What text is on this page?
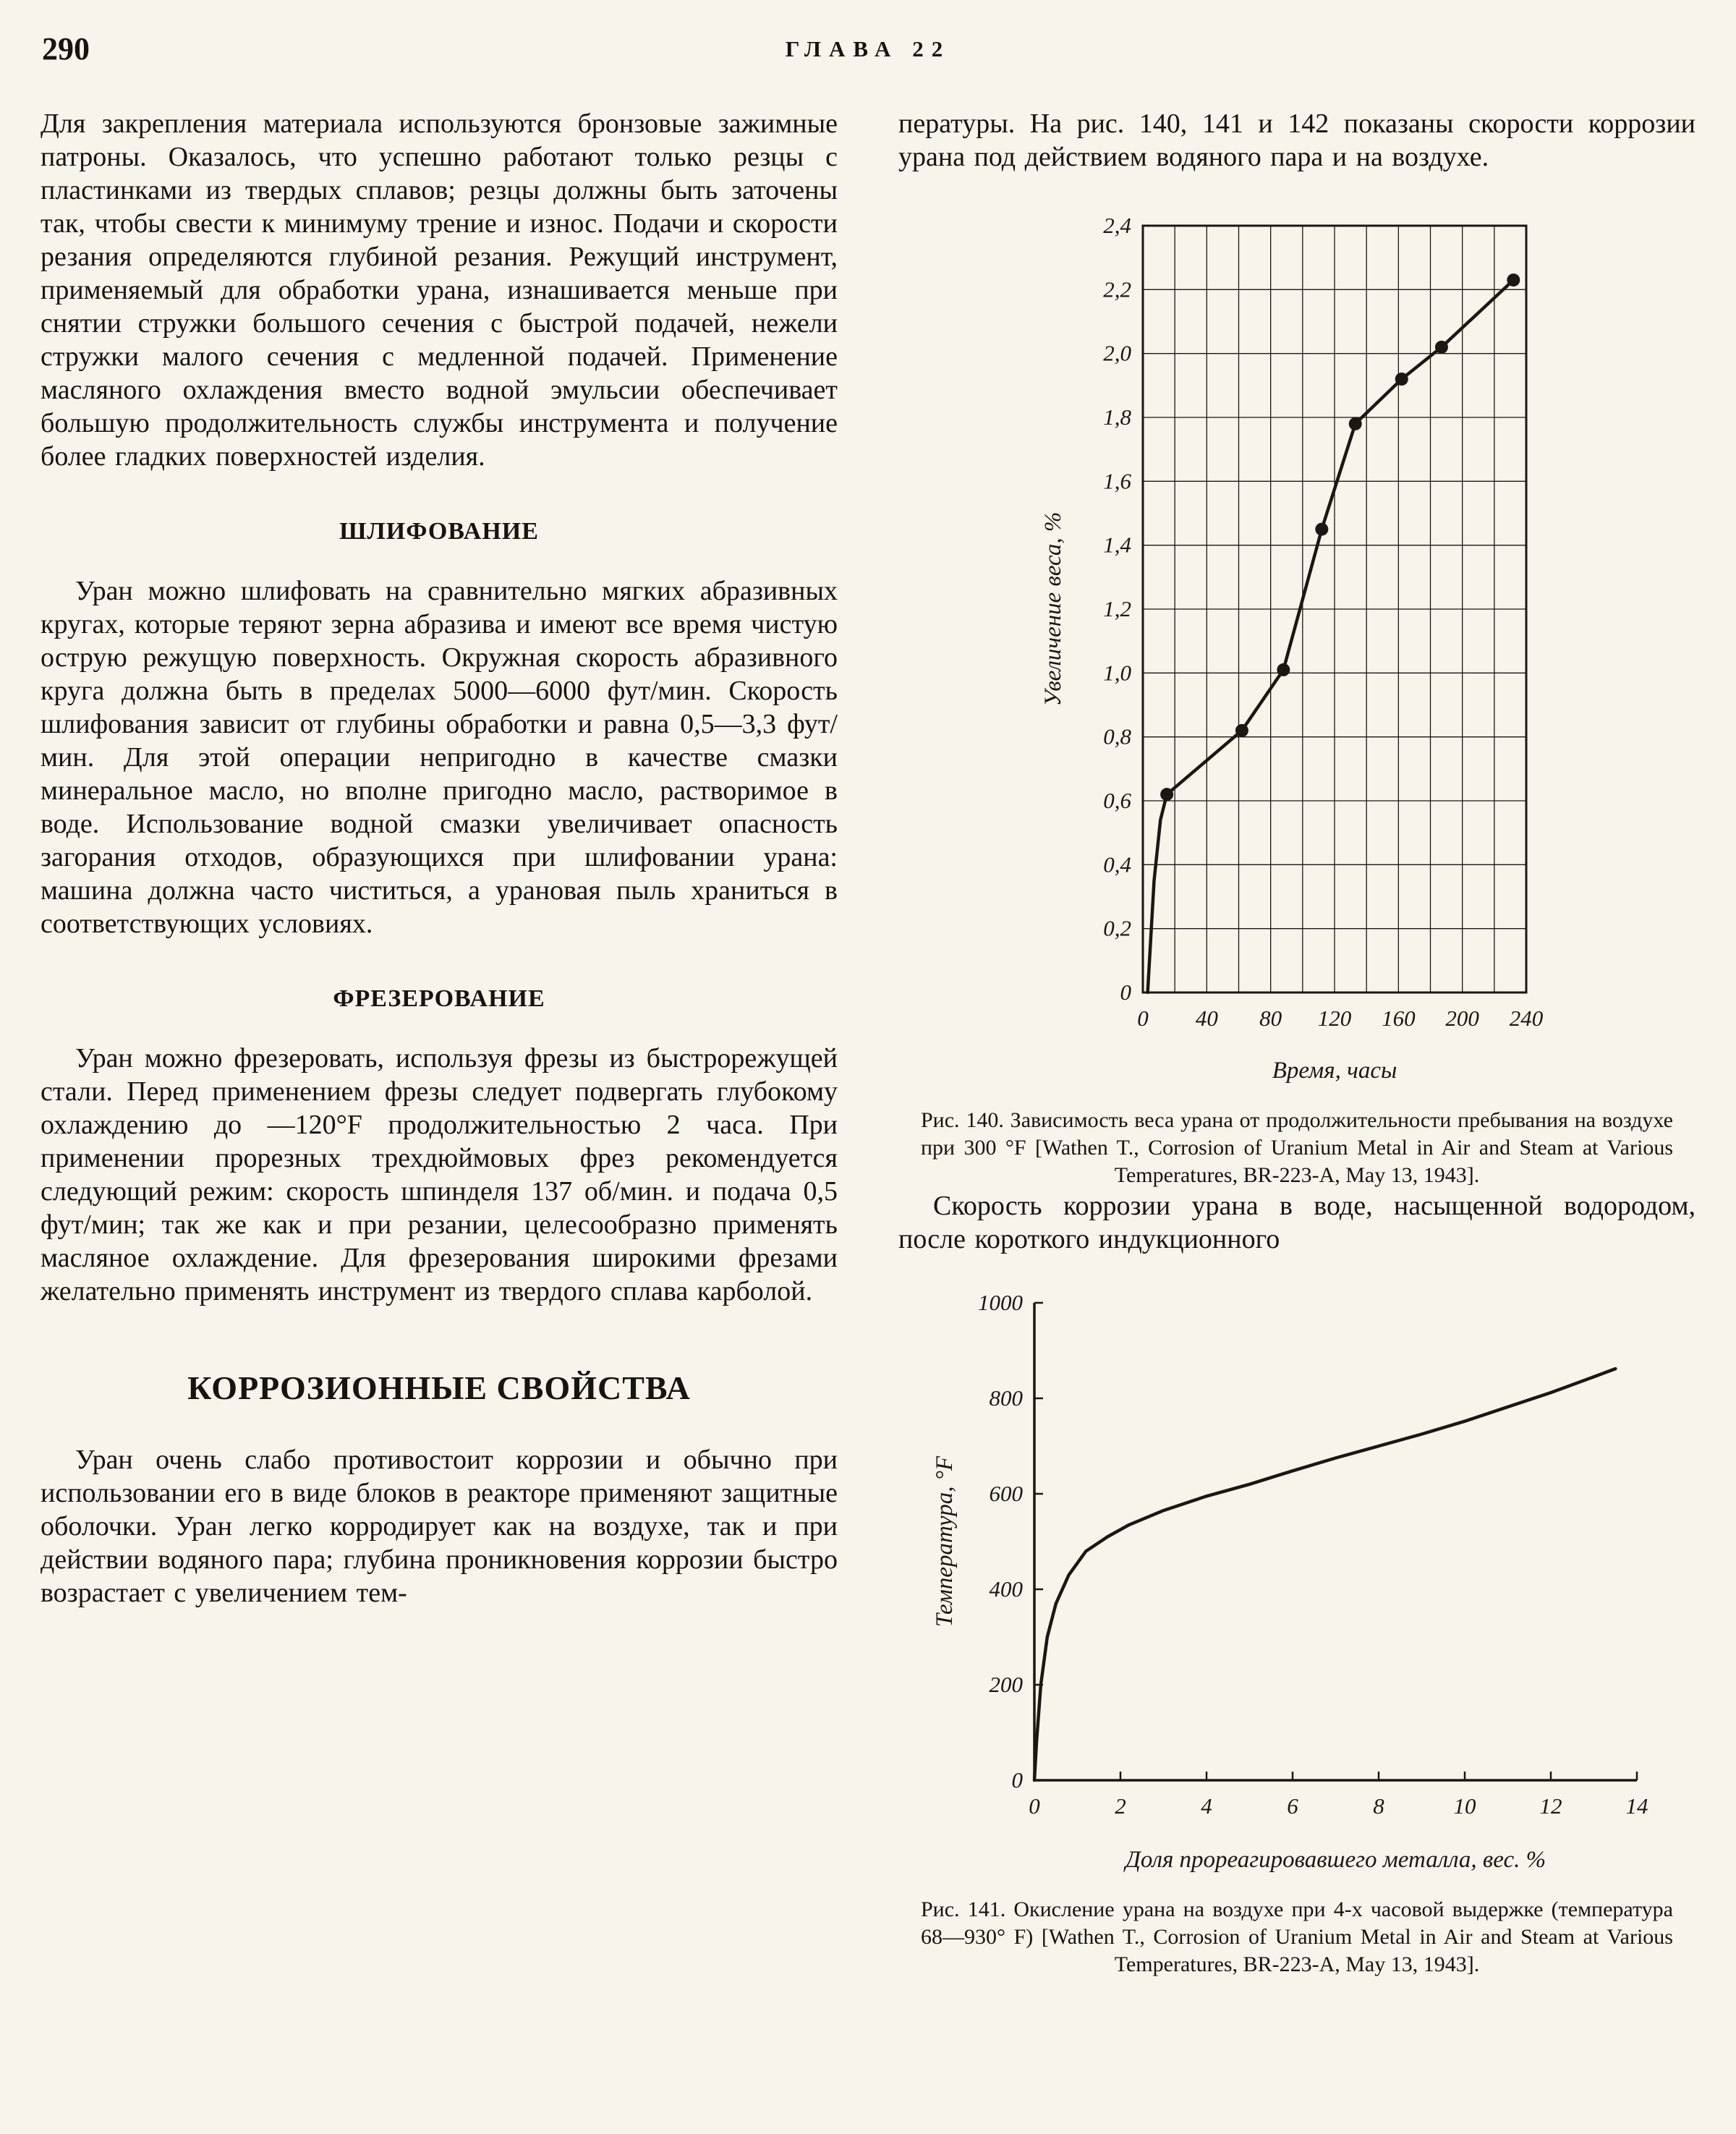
290	ГЛАВА 22

Для закрепления материала используются бронзовые зажимные патроны. Оказалось, что успешно работают только резцы с пластинками из твердых сплавов; резцы должны быть заточены так, чтобы свести к минимуму трение и износ. Подачи и скорости резания определяются глубиной резания. Режущий инструмент, применяемый для обработки урана, изнашивается меньше при снятии стружки большого сечения с быстрой подачей, нежели стружки малого сечения с медленной подачей. Применение масляного охлаждения вместо водной эмульсии обеспечивает большую продолжительность службы инструмента и получение более гладких поверхностей изделия.

ШЛИФОВАНИЕ

Уран можно шлифовать на сравнительно мягких абразивных кругах, которые теряют зерна абразива и имеют все время чистую острую режущую поверхность. Окружная скорость абразивного круга должна быть в пределах 5000—6000 фут/мин. Скорость шлифования зависит от глубины обработки и равна 0,5—3,3 фут/мин. Для этой операции непригодно в качестве смазки минеральное масло, но вполне пригодно масло, растворимое в воде. Использование водной смазки увеличивает опасность загорания отходов, образующихся при шлифовании урана: машина должна часто чиститься, а урановая пыль храниться в соответствующих условиях.

ФРЕЗЕРОВАНИЕ

Уран можно фрезеровать, используя фрезы из быстрорежущей стали. Перед применением фрезы следует подвергать глубокому охлаждению до —120°F продолжительностью 2 часа. При применении прорезных трехдюймовых фрез рекомендуется следующий режим: скорость шпинделя 137 об/мин. и подача 0,5 фут/мин; так же как и при резании, целесообразно применять масляное охлаждение. Для фрезерования широкими фрезами желательно применять инструмент из твердого сплава карболой.

КОРРОЗИОННЫЕ СВОЙСТВА

Уран очень слабо противостоит коррозии и обычно при использовании его в виде блоков в реакторе применяют защитные оболочки. Уран легко корродирует как на воздухе, так и при действии водяного пара; глубина проникновения коррозии быстро возрастает с увеличением тем-

пературы. На рис. 140, 141 и 142 показаны скорости коррозии урана под действием водяного пара и на воздухе.

0
0,2
0,4
0,6
0,8
1,0
1,2
1,4
1,6
1,8
2,0
2,2
2,4
0 40 80 120 160 200 240
Увеличение веса, %
Время, часы
Рис. 140. Зависимость веса урана от продолжительности пребывания на воздухе при 300 °F [Wathen T., Corrosion of Uranium Metal in Air and Steam at Various Temperatures, BR-223-A, May 13, 1943].

Скорость коррозии урана в воде, насыщенной водородом, после короткого индукционного

0
200
400
600
800
1000
0	2	4	6	8	10	12	14
Температура, °F
Доля прореагировавшего металла, вес. %
Рис. 141. Окисление урана на воздухе при 4-х часовой выдержке (температура 68—930° F) [Wathen T., Corrosion of Uranium Metal in Air and Steam at Various Temperatures, BR-223-A, May 13, 1943].
